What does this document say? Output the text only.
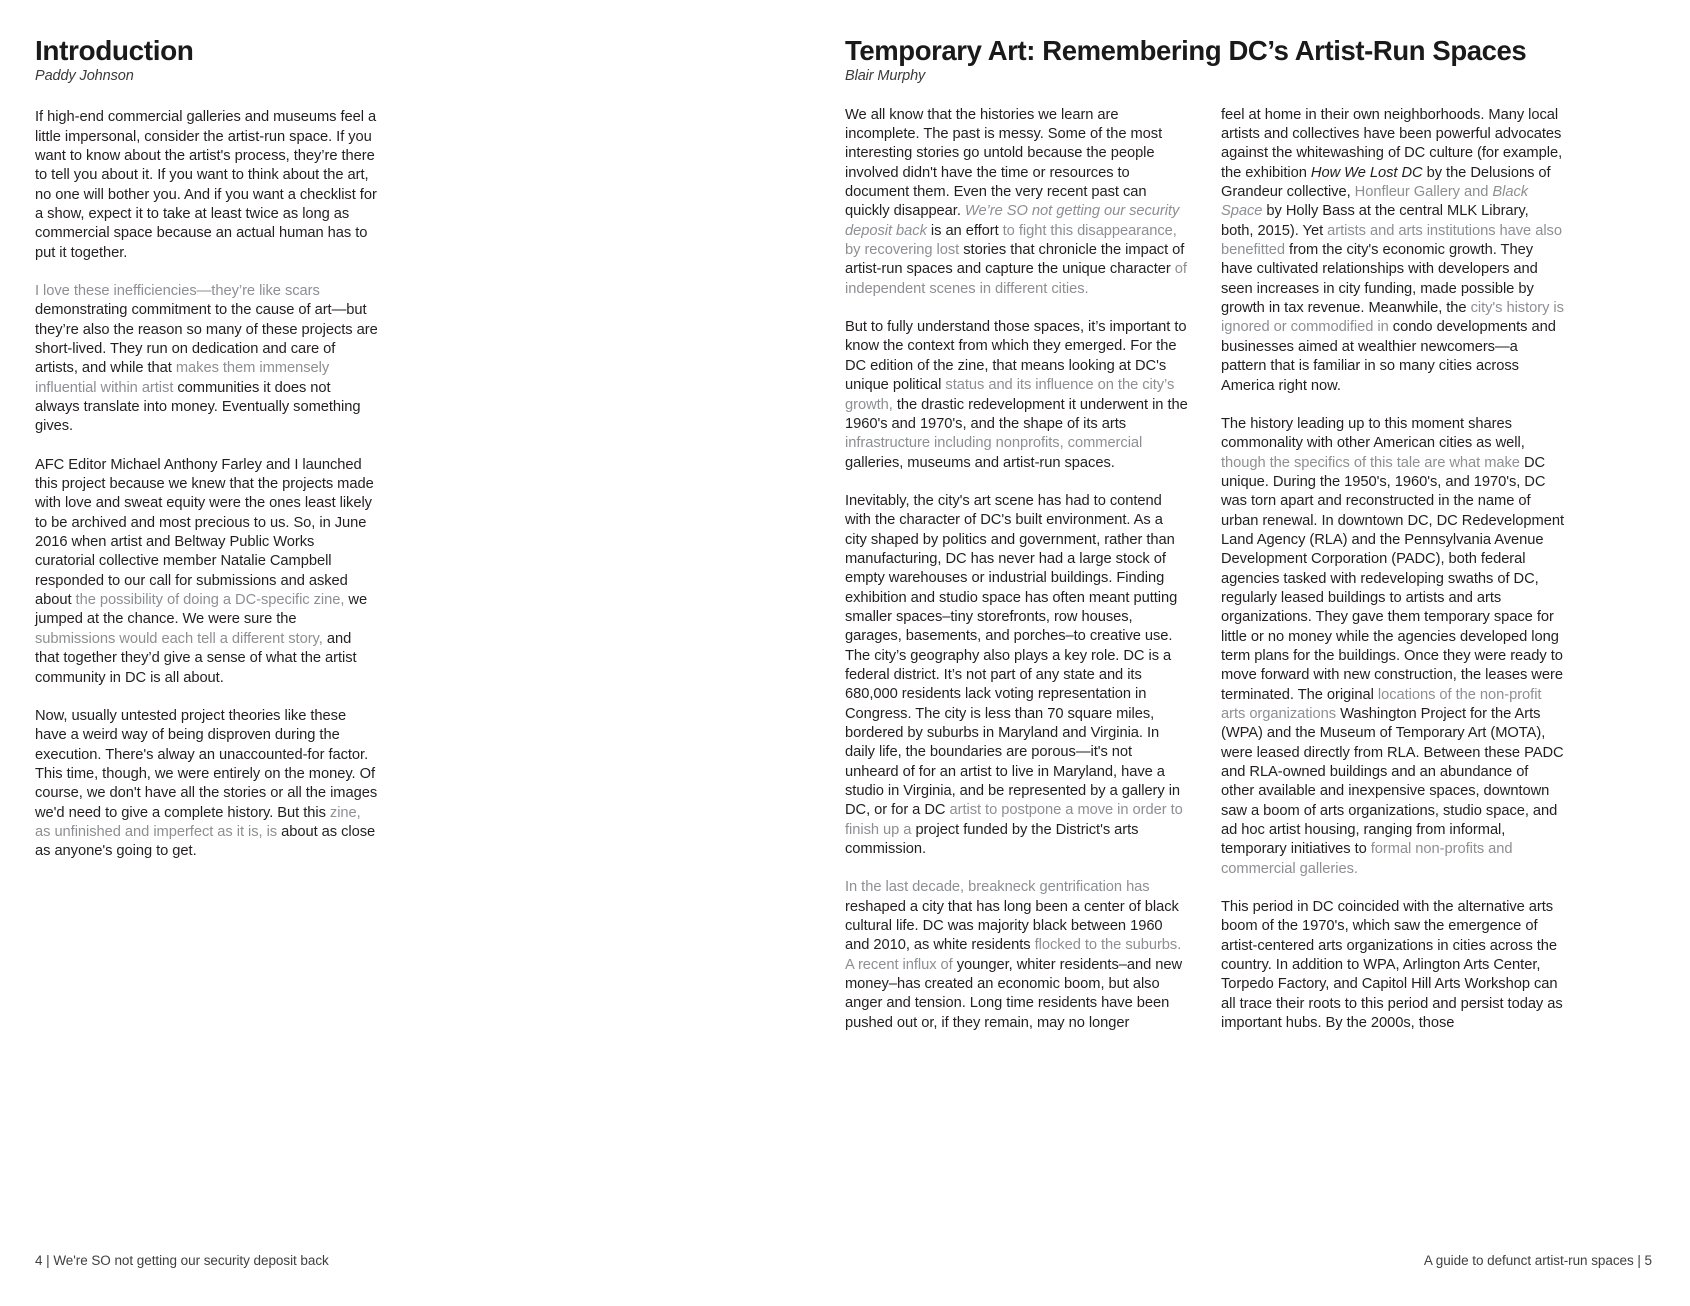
Introduction

Paddy Johnson

If high-end commercial galleries and museums feel a little impersonal, consider the artist-run space. If you want to know about the artist's process, they’re there to tell you about it. If you want to think about the art, no one will bother you. And if you want a checklist for a show, expect it to take at least twice as long as commercial space because an actual human has to put it together.

I love these inefficiencies—they’re like scars demonstrating commitment to the cause of art—but they’re also the reason so many of these projects are short-lived. They run on dedication and care of artists, and while that makes them immensely influential within artist communities it does not always translate into money. Eventually something gives.

AFC Editor Michael Anthony Farley and I launched this project because we knew that the projects made with love and sweat equity were the ones least likely to be archived and most precious to us. So, in June 2016 when artist and Beltway Public Works curatorial collective member Natalie Campbell responded to our call for submissions and asked about the possibility of doing a DC-specific zine, we jumped at the chance. We were sure the submissions would each tell a different story, and that together they’d give a sense of what the artist community in DC is all about.

Now, usually untested project theories like these have a weird way of being disproven during the execution. There's alway an unaccounted-for factor. This time, though, we were entirely on the money. Of course, we don't have all the stories or all the images we'd need to give a complete history. But this zine, as unfinished and imperfect as it is, is about as close as anyone's going to get.

4 | We're SO not getting our security deposit back
Temporary Art: Remembering DC’s Artist-Run Spaces

Blair Murphy

We all know that the histories we learn are incomplete. The past is messy. Some of the most interesting stories go untold because the people involved didn't have the time or resources to document them. Even the very recent past can quickly disappear. We’re SO not getting our security deposit back is an effort to fight this disappearance, by recovering lost stories that chronicle the impact of artist-run spaces and capture the unique character of independent scenes in different cities.

But to fully understand those spaces, it’s important to know the context from which they emerged. For the DC edition of the zine, that means looking at DC's unique political status and its influence on the city’s growth, the drastic redevelopment it underwent in the 1960's and 1970's, and the shape of its arts infrastructure including nonprofits, commercial galleries, museums and artist-run spaces.

Inevitably, the city's art scene has had to contend with the character of DC's built environment. As a city shaped by politics and government, rather than manufacturing, DC has never had a large stock of empty warehouses or industrial buildings. Finding exhibition and studio space has often meant putting smaller spaces–tiny storefronts, row houses, garages, basements, and porches–to creative use. The city’s geography also plays a key role. DC is a federal district. It’s not part of any state and its 680,000 residents lack voting representation in Congress. The city is less than 70 square miles, bordered by suburbs in Maryland and Virginia. In daily life, the boundaries are porous—it's not unheard of for an artist to live in Maryland, have a studio in Virginia, and be represented by a gallery in DC, or for a DC artist to postpone a move in order to finish up a project funded by the District's arts commission.

In the last decade, breakneck gentrification has reshaped a city that has long been a center of black cultural life. DC was majority black between 1960 and 2010, as white residents flocked to the suburbs. A recent influx of younger, whiter residents–and new money–has created an economic boom, but also anger and tension. Long time residents have been pushed out or, if they remain, may no longer

feel at home in their own neighborhoods. Many local artists and collectives have been powerful advocates against the whitewashing of DC culture (for example, the exhibition How We Lost DC by the Delusions of Grandeur collective, Honfleur Gallery and Black Space by Holly Bass at the central MLK Library, both, 2015). Yet artists and arts institutions have also benefitted from the city's economic growth. They have cultivated relationships with developers and seen increases in city funding, made possible by growth in tax revenue. Meanwhile, the city's history is ignored or commodified in condo developments and businesses aimed at wealthier newcomers—a pattern that is familiar in so many cities across America right now.

The history leading up to this moment shares commonality with other American cities as well, though the specifics of this tale are what make DC unique. During the 1950's, 1960's, and 1970's, DC was torn apart and reconstructed in the name of urban renewal. In downtown DC, DC Redevelopment Land Agency (RLA) and the Pennsylvania Avenue Development Corporation (PADC), both federal agencies tasked with redeveloping swaths of DC, regularly leased buildings to artists and arts organizations. They gave them temporary space for little or no money while the agencies developed long term plans for the buildings. Once they were ready to move forward with new construction, the leases were terminated. The original locations of the non-profit arts organizations Washington Project for the Arts (WPA) and the Museum of Temporary Art (MOTA), were leased directly from RLA. Between these PADC and RLA-owned buildings and an abundance of other available and inexpensive spaces, downtown saw a boom of arts organizations, studio space, and ad hoc artist housing, ranging from informal, temporary initiatives to formal non-profits and commercial galleries.

This period in DC coincided with the alternative arts boom of the 1970's, which saw the emergence of artist-centered arts organizations in cities across the country. In addition to WPA, Arlington Arts Center, Torpedo Factory, and Capitol Hill Arts Workshop can all trace their roots to this period and persist today as important hubs. By the 2000s, those

A guide to defunct artist-run spaces | 5
